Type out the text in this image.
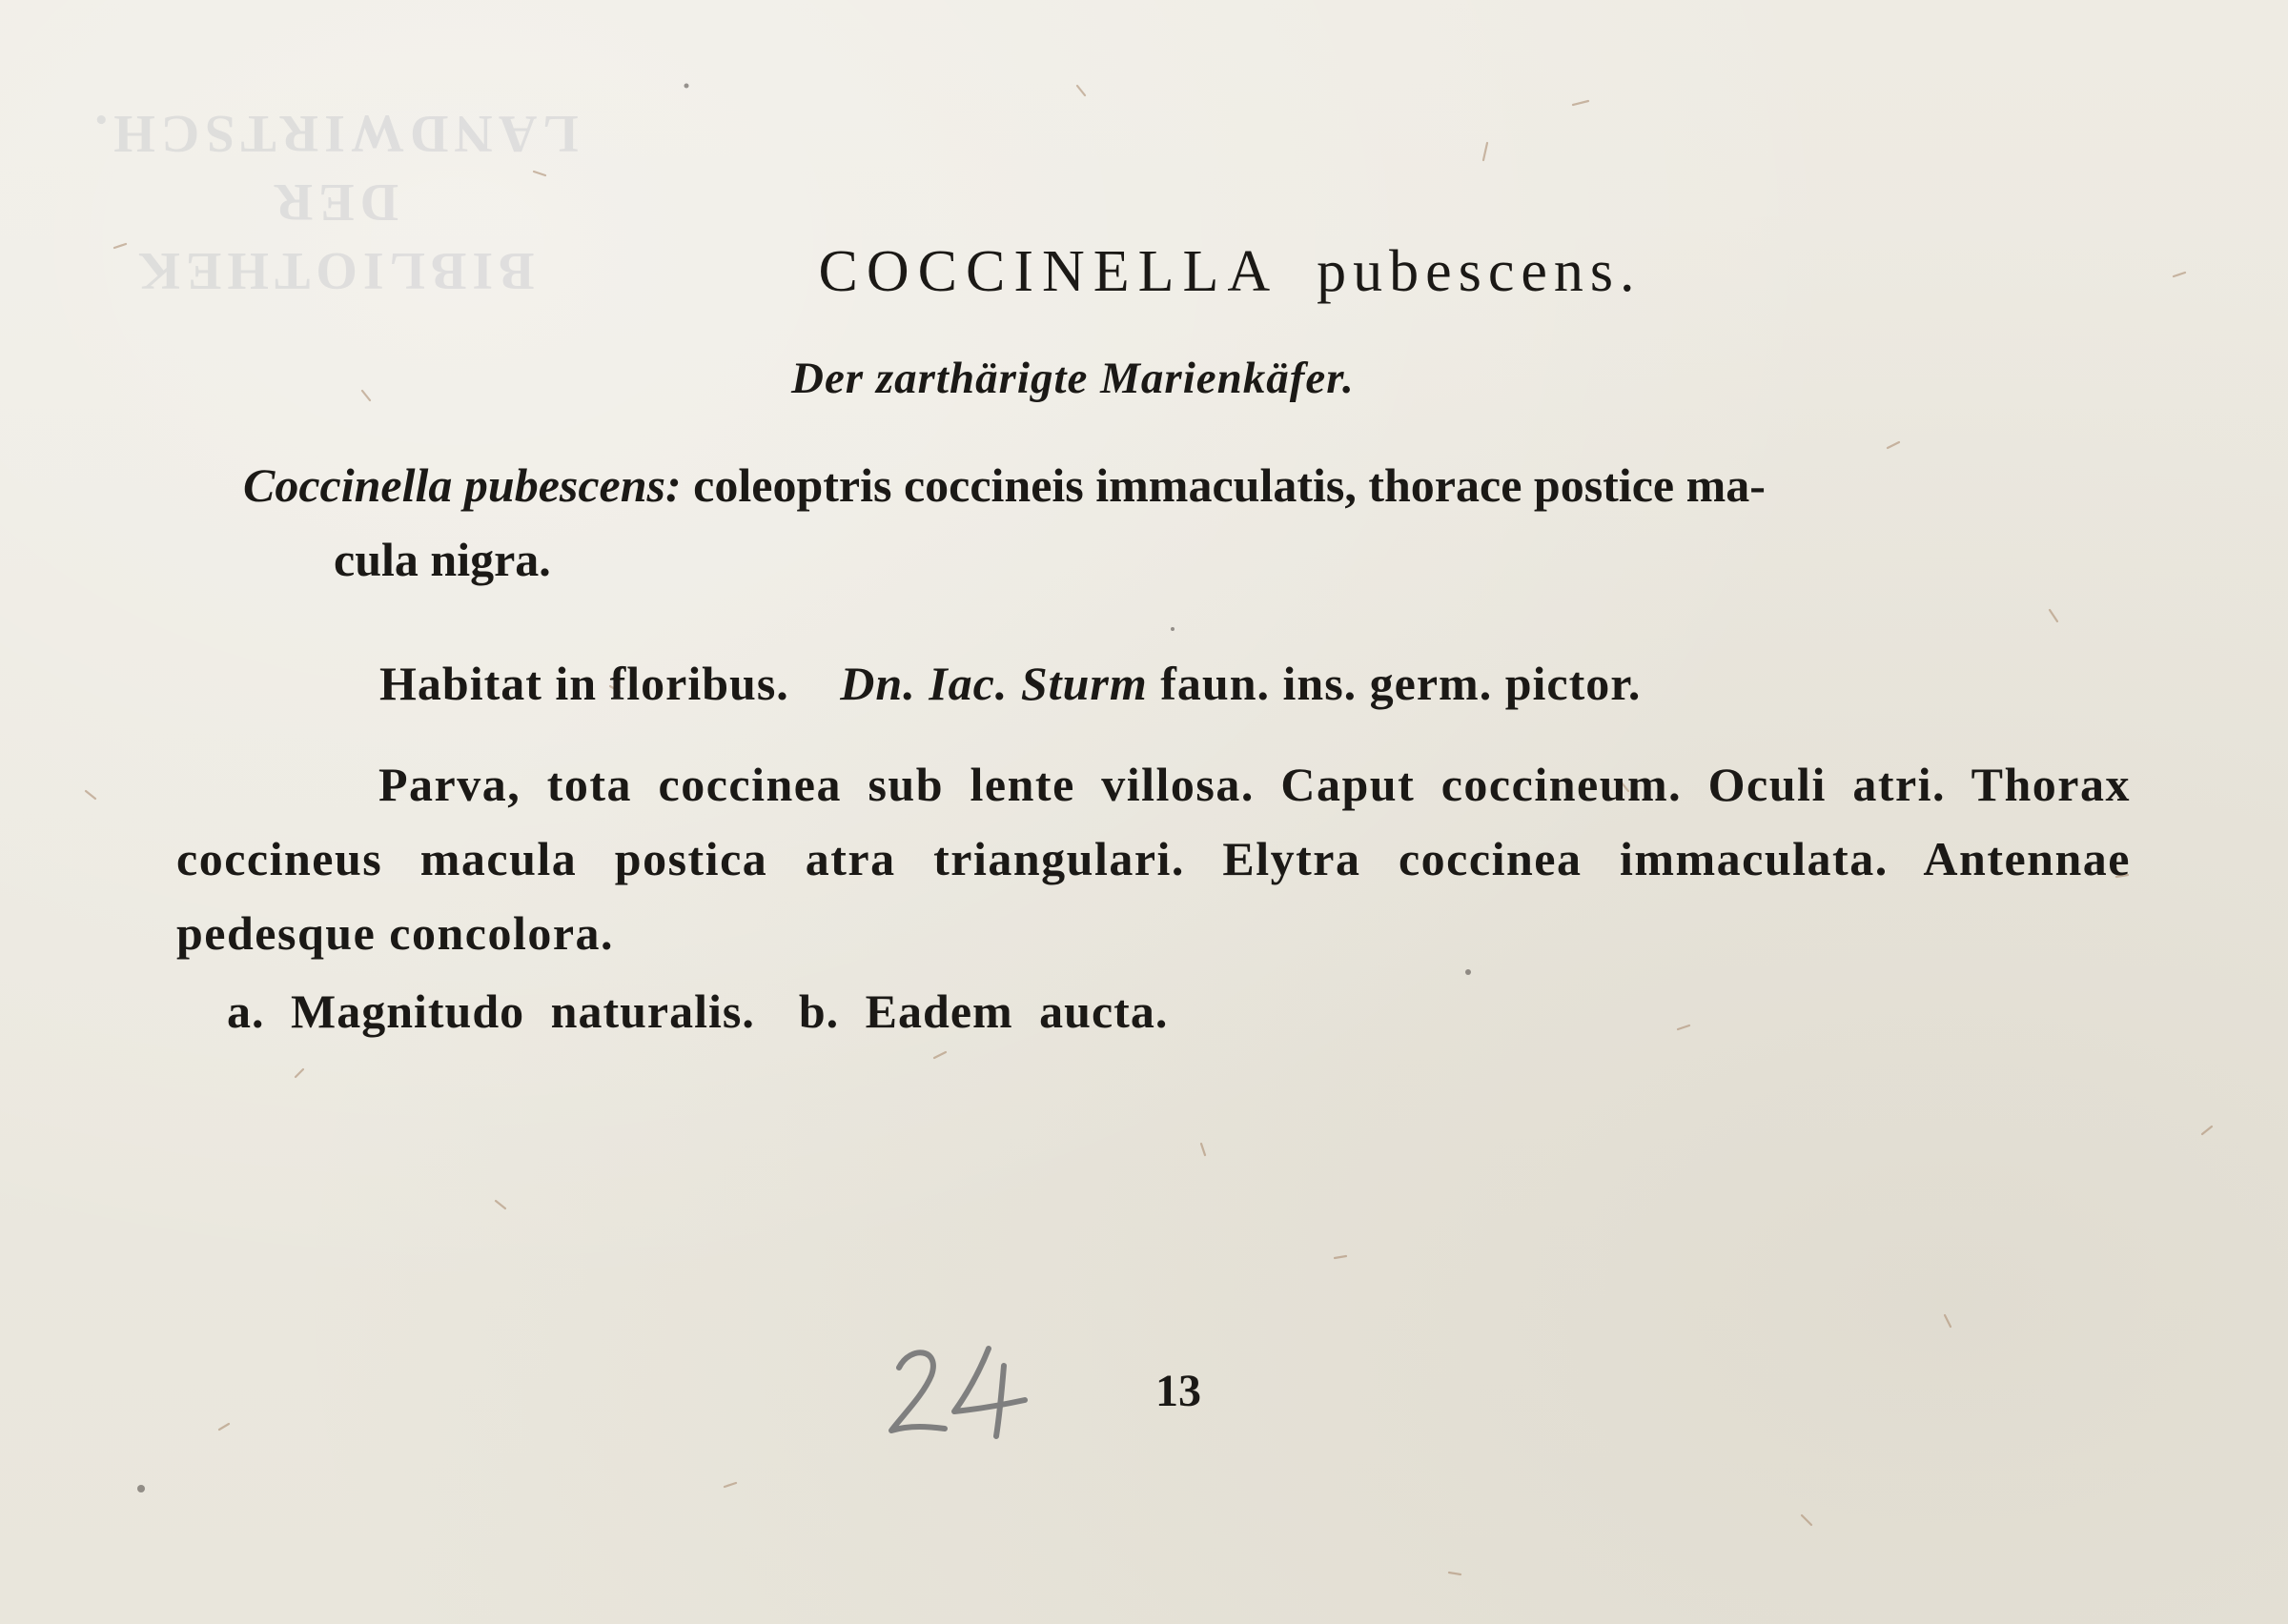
BIBLIOTHEK
DER
LANDWIRTSCH.
COCCINELLA pubescens.
Der zarthärigte Marienkäfer.
Coccinella pubescens: coleoptris coccineis immaculatis, thorace postice ma-
cula nigra.
Habitat in floribus. Dn. Iac. Sturm faun. ins. germ. pictor.
Parva, tota coccinea sub lente villosa. Caput coccineum. Oculi atri. Thorax coccineus macula postica atra triangulari. Elytra coccinea immaculata. Antennae pedesque concolora.
a. Magnitudo naturalis. b. Eadem aucta.
13
